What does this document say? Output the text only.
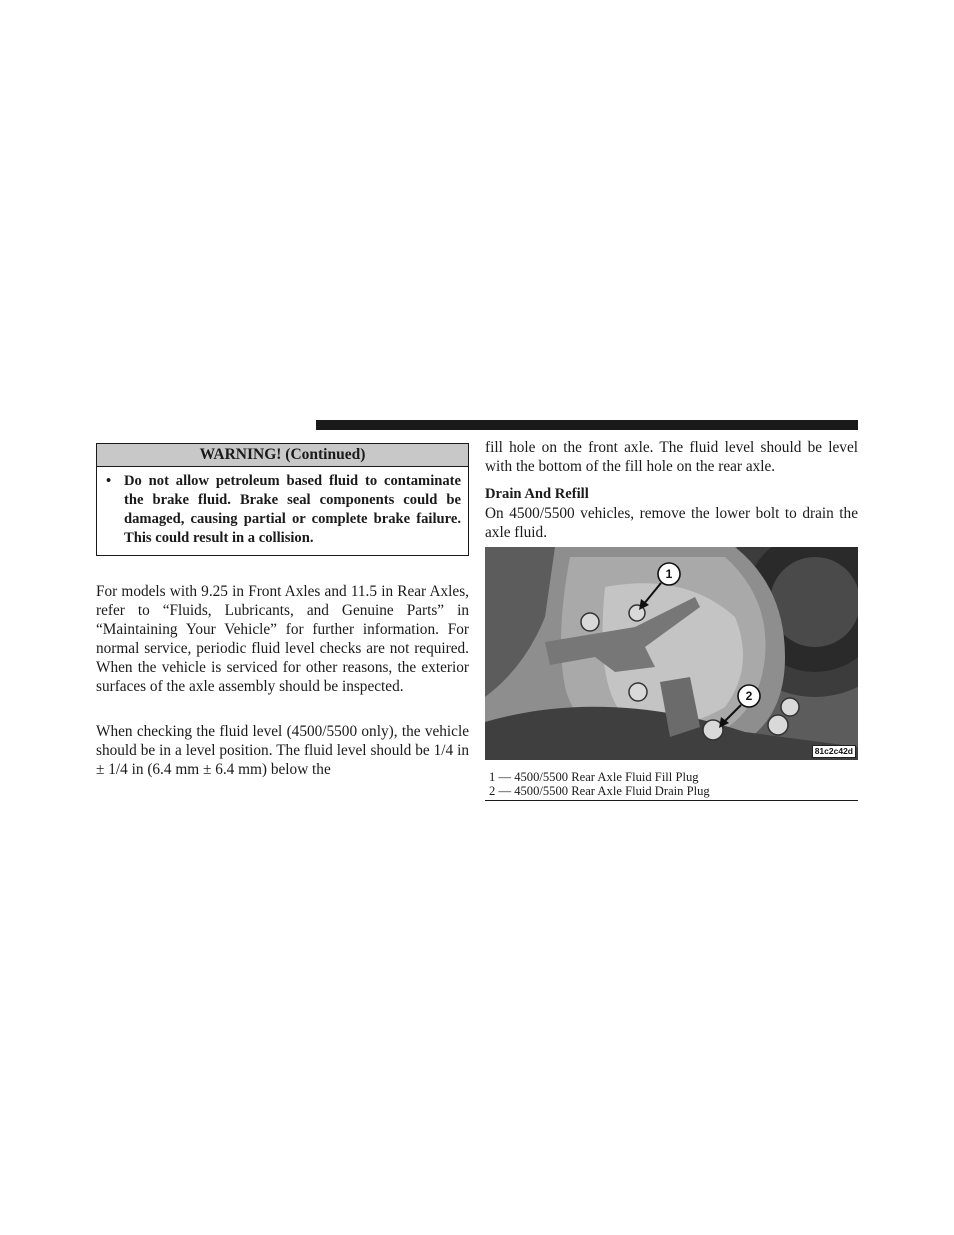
WARNING! (Continued)
• Do not allow petroleum based fluid to contaminate the brake fluid. Brake seal components could be damaged, causing partial or complete brake failure. This could result in a collision.

For models with 9.25 in Front Axles and 11.5 in Rear Axles, refer to “Fluids, Lubricants, and Genuine Parts” in “Maintaining Your Vehicle” for further information. For normal service, periodic fluid level checks are not required. When the vehicle is serviced for other reasons, the exterior surfaces of the axle assembly should be inspected.

When checking the fluid level (4500/5500 only), the vehicle should be in a level position. The fluid level should be 1/4 in ± 1/4 in (6.4 mm ± 6.4 mm) below the

fill hole on the front axle. The fluid level should be level with the bottom of the fill hole on the rear axle.

Drain And Refill

On 4500/5500 vehicles, remove the lower bolt to drain the axle fluid.

1
2
81c2c42d
1 — 4500/5500 Rear Axle Fluid Fill Plug
2 — 4500/5500 Rear Axle Fluid Drain Plug
